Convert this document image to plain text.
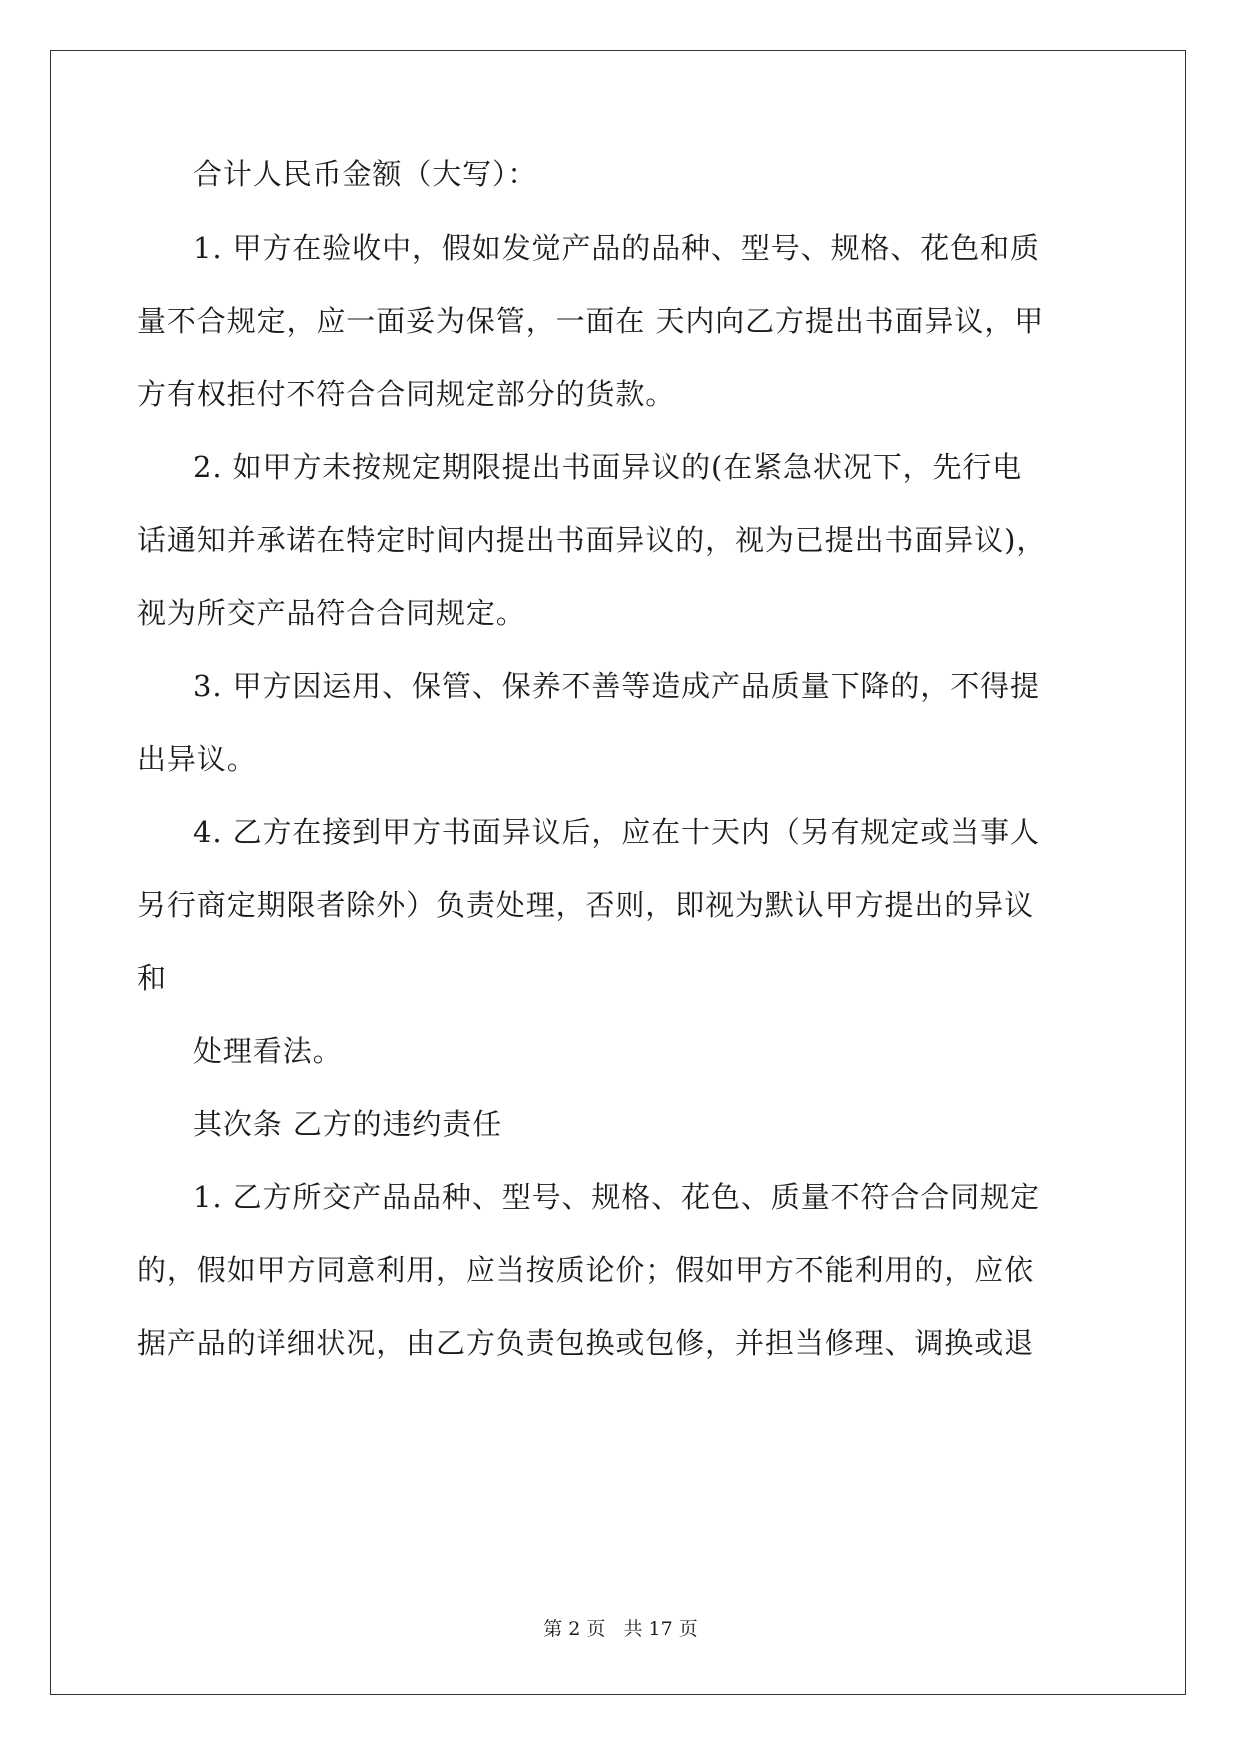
合计人民币金额（大写）：
1. 甲方在验收中，假如发觉产品的品种、型号、规格、花色和质
量不合规定，应一面妥为保管，一面在 天内向乙方提出书面异议，甲
方有权拒付不符合合同规定部分的货款。
2. 如甲方未按规定期限提出书面异议的(在紧急状况下，先行电
话通知并承诺在特定时间内提出书面异议的，视为已提出书面异议)，
视为所交产品符合合同规定。
3. 甲方因运用、保管、保养不善等造成产品质量下降的，不得提
出异议。
4. 乙方在接到甲方书面异议后，应在十天内（另有规定或当事人
另行商定期限者除外）负责处理，否则，即视为默认甲方提出的异议
和
处理看法。
其次条 乙方的违约责任
1. 乙方所交产品品种、型号、规格、花色、质量不符合合同规定
的，假如甲方同意利用，应当按质论价；假如甲方不能利用的，应依
据产品的详细状况，由乙方负责包换或包修，并担当修理、调换或退
第 2 页   共 17 页
